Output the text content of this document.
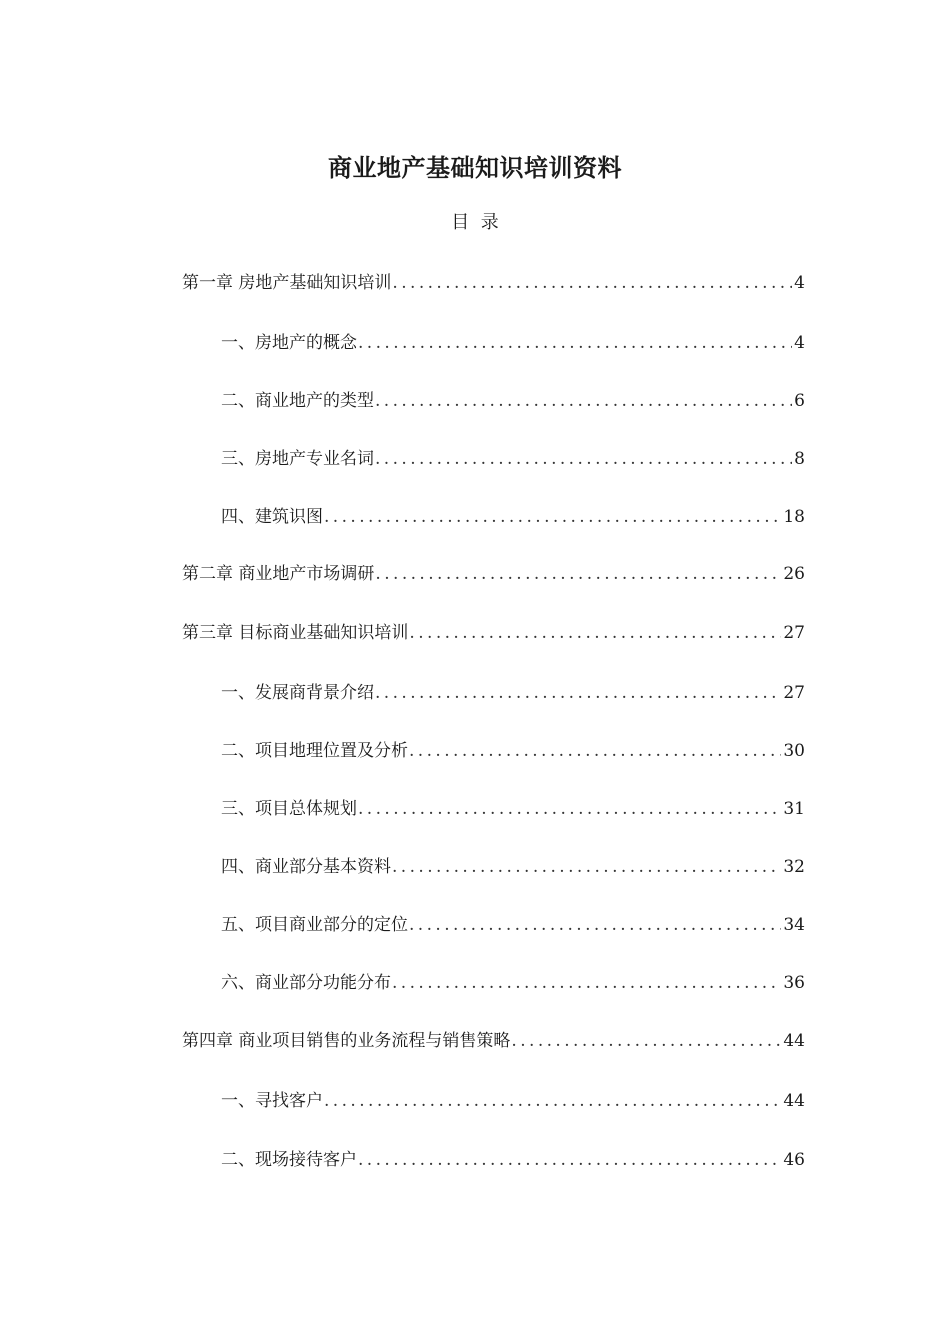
商业地产基础知识培训资料
目  录
第一章 房地产基础知识培训 .....	4
一、房地产的概念 .....	4
二、商业地产的类型 .....	6
三、房地产专业名词 .....	8
四、建筑识图 .....	18
第二章 商业地产市场调研 .....	26
第三章 目标商业基础知识培训 .....	27
一、发展商背景介绍 .....	27
二、项目地理位置及分析 .....	30
三、项目总体规划 .....	31
四、商业部分基本资料 .....	32
五、项目商业部分的定位 .....	34
六、商业部分功能分布 .....	36
第四章 商业项目销售的业务流程与销售策略 .....	44
一、寻找客户 .....	44
二、现场接待客户 .....	46
